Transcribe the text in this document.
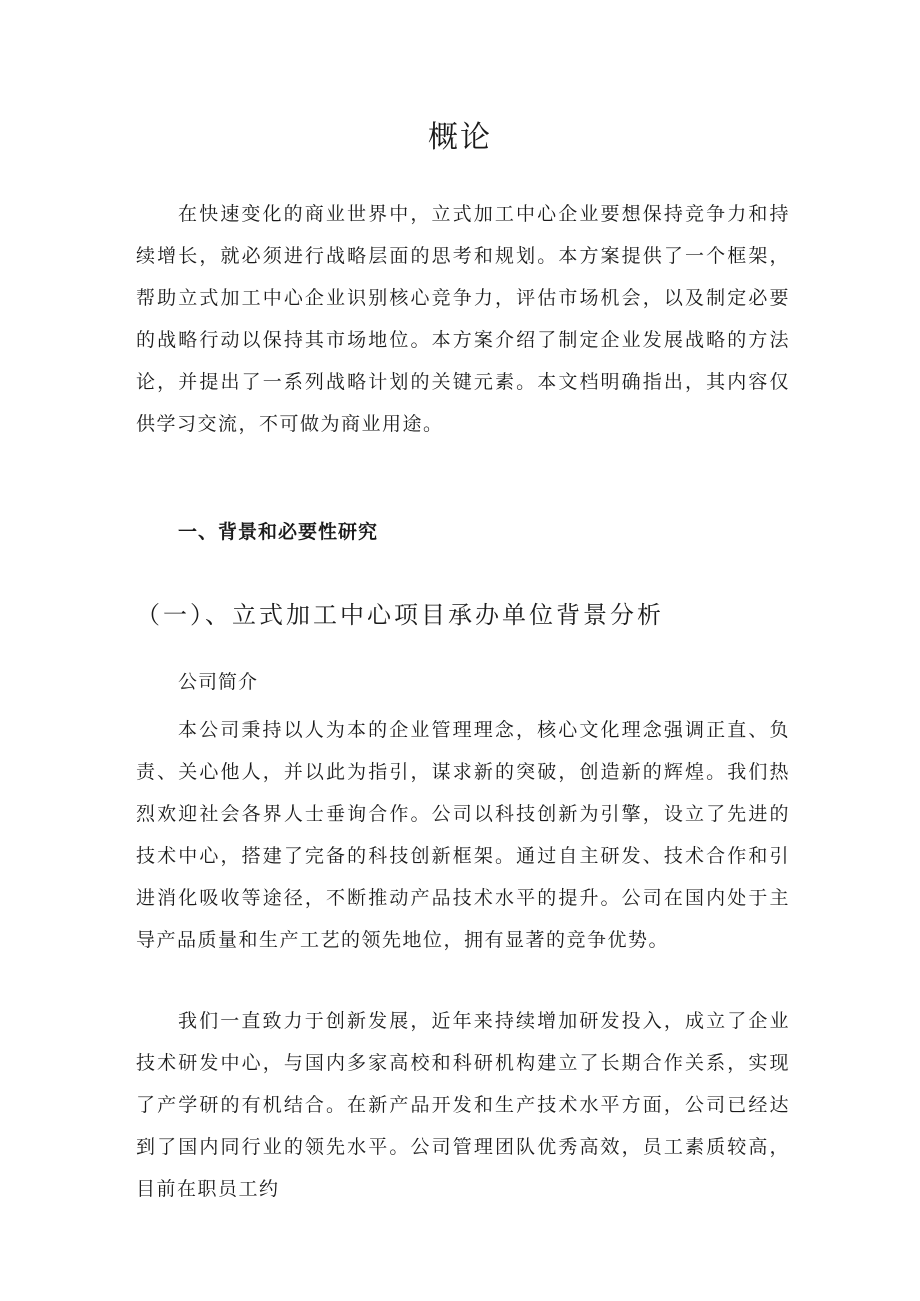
概论

在快速变化的商业世界中，立式加工中心企业要想保持竞争力和持续增长，就必须进行战略层面的思考和规划。本方案提供了一个框架，帮助立式加工中心企业识别核心竞争力，评估市场机会，以及制定必要的战略行动以保持其市场地位。本方案介绍了制定企业发展战略的方法论，并提出了一系列战略计划的关键元素。本文档明确指出，其内容仅供学习交流，不可做为商业用途。

一、背景和必要性研究
（一）、立式加工中心项目承办单位背景分析

公司简介

本公司秉持以人为本的企业管理理念，核心文化理念强调正直、负责、关心他人，并以此为指引，谋求新的突破，创造新的辉煌。我们热烈欢迎社会各界人士垂询合作。公司以科技创新为引擎，设立了先进的技术中心，搭建了完备的科技创新框架。通过自主研发、技术合作和引进消化吸收等途径，不断推动产品技术水平的提升。公司在国内处于主导产品质量和生产工艺的领先地位，拥有显著的竞争优势。

我们一直致力于创新发展，近年来持续增加研发投入，成立了企业技术研发中心，与国内多家高校和科研机构建立了长期合作关系，实现了产学研的有机结合。在新产品开发和生产技术水平方面，公司已经达到了国内同行业的领先水平。公司管理团队优秀高效，员工素质较高，目前在职员工约
